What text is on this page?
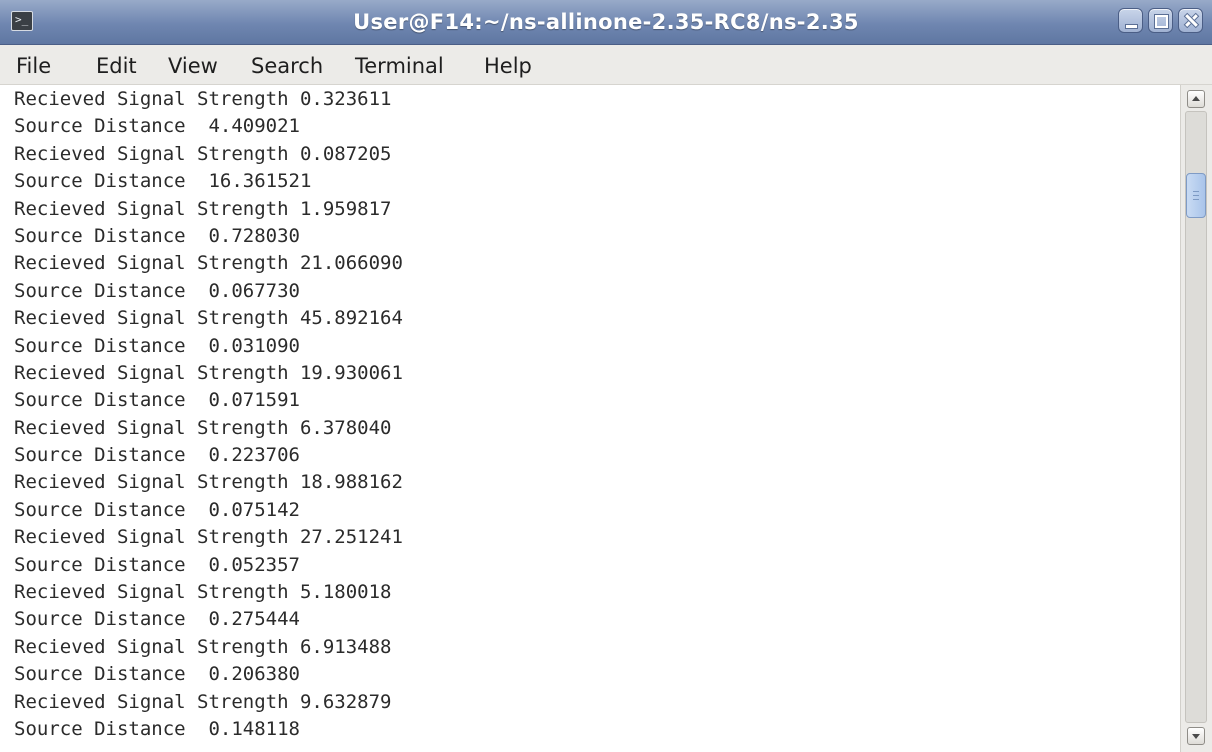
>_	User@F14:~/ns-allinone-2.35-RC8/ns-2.35
File Edit View Search Terminal Help
Recieved Signal Strength 0.323611
Source Distance  4.409021
Recieved Signal Strength 0.087205
Source Distance  16.361521
Recieved Signal Strength 1.959817
Source Distance  0.728030
Recieved Signal Strength 21.066090
Source Distance  0.067730
Recieved Signal Strength 45.892164
Source Distance  0.031090
Recieved Signal Strength 19.930061
Source Distance  0.071591
Recieved Signal Strength 6.378040
Source Distance  0.223706
Recieved Signal Strength 18.988162
Source Distance  0.075142
Recieved Signal Strength 27.251241
Source Distance  0.052357
Recieved Signal Strength 5.180018
Source Distance  0.275444
Recieved Signal Strength 6.913488
Source Distance  0.206380
Recieved Signal Strength 9.632879
Source Distance  0.148118
